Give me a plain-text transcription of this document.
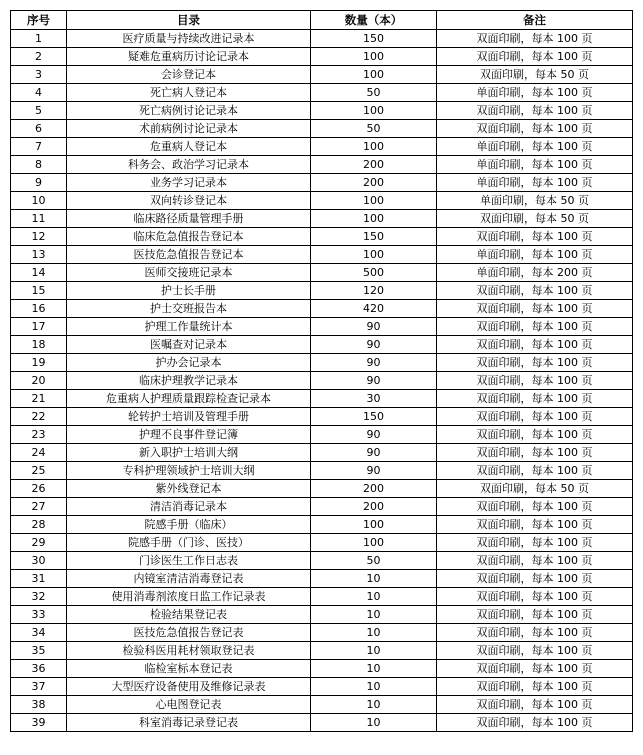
序号	目录	数量（本）	备注
1	医疗质量与持续改进记录本	150	双面印刷，每本 100 页
2	疑难危重病历讨论记录本	100	双面印刷，每本 100 页
3	会诊登记本	100	双面印刷，每本 50 页
4	死亡病人登记本	50	单面印刷，每本 100 页
5	死亡病例讨论记录本	100	双面印刷，每本 100 页
6	术前病例讨论记录本	50	双面印刷，每本 100 页
7	危重病人登记本	100	单面印刷，每本 100 页
8	科务会、政治学习记录本	200	单面印刷，每本 100 页
9	业务学习记录本	200	单面印刷，每本 100 页
10	双向转诊登记本	100	单面印刷，每本 50 页
11	临床路径质量管理手册	100	双面印刷，每本 50 页
12	临床危急值报告登记本	150	双面印刷，每本 100 页
13	医技危急值报告登记本	100	单面印刷，每本 100 页
14	医师交接班记录本	500	单面印刷，每本 200 页
15	护士长手册	120	双面印刷，每本 100 页
16	护士交班报告本	420	双面印刷，每本 100 页
17	护理工作量统计本	90	双面印刷，每本 100 页
18	医嘱查对记录本	90	双面印刷，每本 100 页
19	护办会记录本	90	双面印刷，每本 100 页
20	临床护理教学记录本	90	双面印刷，每本 100 页
21	危重病人护理质量跟踪检查记录本	30	双面印刷，每本 100 页
22	轮转护士培训及管理手册	150	双面印刷，每本 100 页
23	护理不良事件登记簿	90	双面印刷，每本 100 页
24	新入职护士培训大纲	90	双面印刷，每本 100 页
25	专科护理领域护士培训大纲	90	双面印刷，每本 100 页
26	紫外线登记本	200	双面印刷，每本 50 页
27	清洁消毒记录本	200	双面印刷，每本 100 页
28	院感手册（临床）	100	双面印刷，每本 100 页
29	院感手册（门诊、医技）	100	双面印刷，每本 100 页
30	门诊医生工作日志表	50	双面印刷，每本 100 页
31	内镜室清洁消毒登记表	10	双面印刷，每本 100 页
32	使用消毒剂浓度日监工作记录表	10	双面印刷，每本 100 页
33	检验结果登记表	10	双面印刷，每本 100 页
34	医技危急值报告登记表	10	双面印刷，每本 100 页
35	检验科医用耗材领取登记表	10	双面印刷，每本 100 页
36	临检室标本登记表	10	双面印刷，每本 100 页
37	大型医疗设备使用及维修记录表	10	双面印刷，每本 100 页
38	心电图登记表	10	双面印刷，每本 100 页
39	科室消毒记录登记表	10	双面印刷，每本 100 页
